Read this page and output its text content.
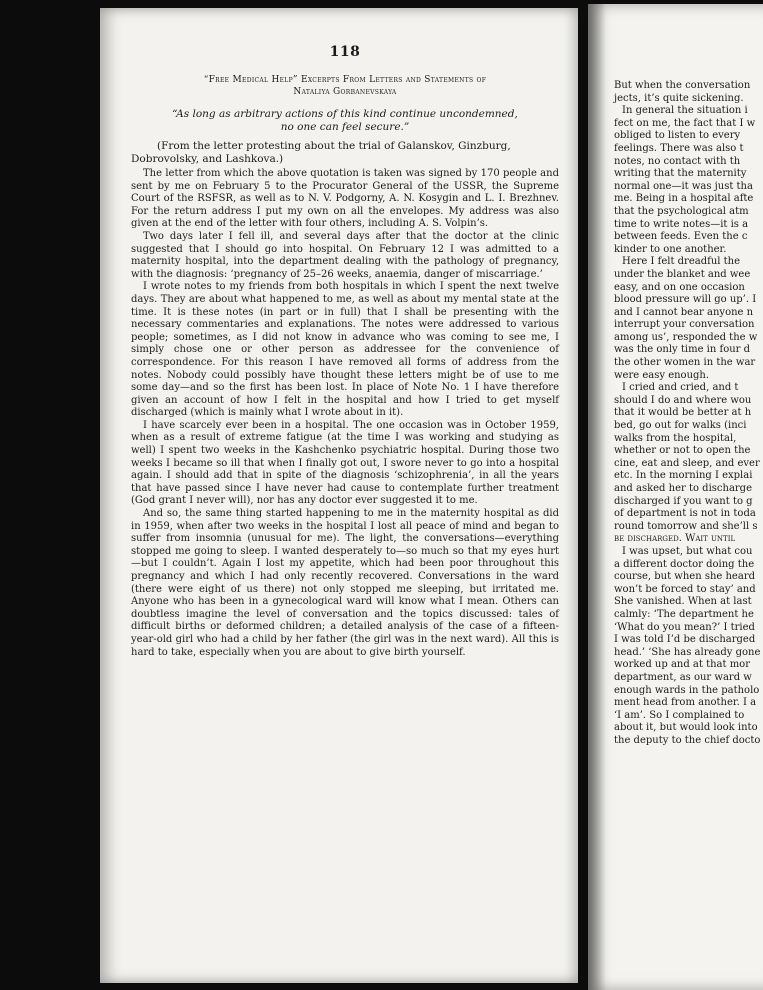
118
“Free Medical Help” Excerpts From Letters and Statements of
Nataliya Gorbanevskaya
“As long as arbitrary actions of this kind continue uncondemned, no one can feel secure.”

(From the letter protesting about the trial of Galanskov, Ginzburg, Dobrovolsky, and Lashkova.)

The letter from which the above quotation is taken was signed by 170 people and sent by me on February 5 to the Procurator General of the USSR, the Supreme Court of the RSFSR, as well as to N. V. Podgorny, A. N. Kosygin and L. I. Brezhnev. For the return address I put my own on all the envelopes. My address was also given at the end of the letter with four others, including A. S. Volpin’s.

Two days later I fell ill, and several days after that the doctor at the clinic suggested that I should go into hospital. On February 12 I was admitted to a maternity hospital, into the department dealing with the pathology of pregnancy, with the diagnosis: ‘pregnancy of 25–26 weeks, anaemia, danger of miscarriage.’

I wrote notes to my friends from both hospitals in which I spent the next twelve days. They are about what happened to me, as well as about my mental state at the time. It is these notes (in part or in full) that I shall be presenting with the necessary commentaries and explanations. The notes were addressed to various people; sometimes, as I did not know in advance who was coming to see me, I simply chose one or other person as addressee for the convenience of correspondence. For this reason I have removed all forms of address from the notes. Nobody could possibly have thought these letters might be of use to me some day—and so the first has been lost. In place of Note No. 1 I have therefore given an account of how I felt in the hospital and how I tried to get myself discharged (which is mainly what I wrote about in it).

I have scarcely ever been in a hospital. The one occasion was in October 1959, when as a result of extreme fatigue (at the time I was working and studying as well) I spent two weeks in the Kashchenko psychiatric hospital. During those two weeks I became so ill that when I finally got out, I swore never to go into a hospital again. I should add that in spite of the diagnosis ‘schizophrenia’, in all the years that have passed since I have never had cause to contemplate further treatment (God grant I never will), nor has any doctor ever suggested it to me.

And so, the same thing started happening to me in the maternity hospital as did in 1959, when after two weeks in the hospital I lost all peace of mind and began to suffer from insomnia (unusual for me). The light, the conversations—everything stopped me going to sleep. I wanted desperately to—so much so that my eyes hurt—but I couldn’t. Again I lost my appetite, which had been poor throughout this pregnancy and which I had only recently recovered. Conversations in the ward (there were eight of us there) not only stopped me sleeping, but irritated me. Anyone who has been in a gynecological ward will know what I mean. Others can doubtless imagine the level of conversation and the topics discussed: tales of difficult births or deformed children; a detailed analysis of the case of a fifteen-year-old girl who had a child by her father (the girl was in the next ward). All this is hard to take, especially when you are about to give birth yourself.

But when the conversation

jects, it’s quite sickening.

In general the situation i

fect on me, the fact that I w

obliged to listen to every

feelings. There was also t

notes, no contact with th

writing that the maternity

normal one—it was just tha

me. Being in a hospital afte

that the psychological atm

time to write notes—it is a

between feeds. Even the c

kinder to one another.

Here I felt dreadful the

under the blanket and wee

easy, and on one occasion

blood pressure will go up’. I

and I cannot bear anyone n

interrupt your conversation

among us’, responded the w

was the only time in four d

the other women in the war

were easy enough.

I cried and cried, and t

should I do and where wou

that it would be better at h

bed, go out for walks (inci

walks from the hospital,

whether or not to open the

cine, eat and sleep, and ever

etc. In the morning I explai

and asked her to discharge

discharged if you want to g

of department is not in toda

round tomorrow and she’ll s

be discharged. Wait until

I was upset, but what cou

a different doctor doing the

course, but when she heard

won’t be forced to stay’ and

She vanished. When at last

calmly: ‘The department he

‘What do you mean?’ I tried

I was told I’d be discharged

head.’ ‘She has already gone

worked up and at that mor

department, as our ward w

enough wards in the patholo

ment head from another. I a

‘I am’. So I complained to

about it, but would look into

the deputy to the chief docto
